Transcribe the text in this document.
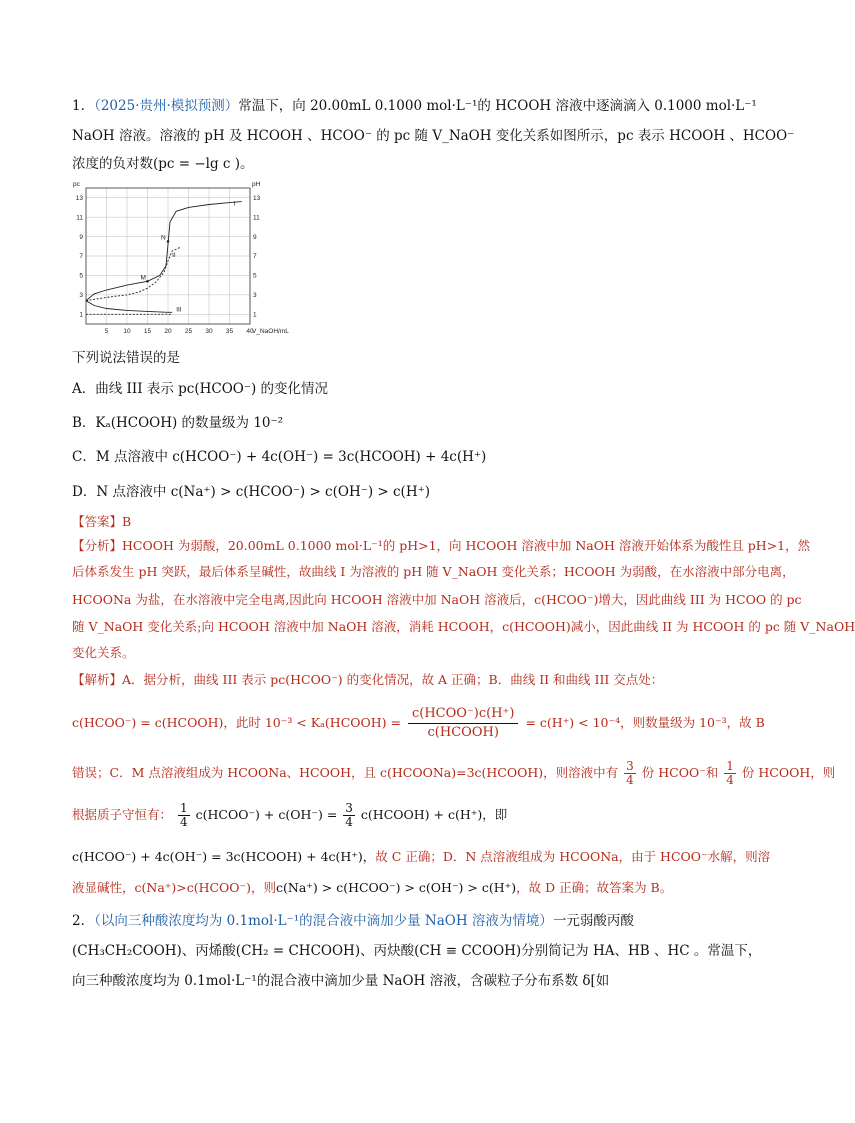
1．（2025·贵州·模拟预测）常温下，向 20.00mL 0.1000 mol·L⁻¹的 HCOOH 溶液中逐滴滴入 0.1000 mol·L⁻¹
NaOH 溶液。溶液的 pH 及 HCOOH 、HCOO⁻ 的 pc 随 V_NaOH 变化关系如图所示，pc 表示 HCOOH 、HCOO⁻
浓度的负对数(pc = −lg c )。
5 10 15 20 25 30 35 40
1	1
3	3
5	5
7	7
9	9
11	11
13	13
pc	pH
V_NaOH/mL
M
N
I
II
III
下列说法错误的是
A．曲线 III 表示 pc(HCOO⁻) 的变化情况
B．Kₐ(HCOOH) 的数量级为 10⁻²
C．M 点溶液中 c(HCOO⁻) + 4c(OH⁻) = 3c(HCOOH) + 4c(H⁺)
D．N 点溶液中 c(Na⁺) > c(HCOO⁻) > c(OH⁻) > c(H⁺)
【答案】B
【分析】HCOOH 为弱酸，20.00mL 0.1000 mol·L⁻¹的 pH>1，向 HCOOH 溶液中加 NaOH 溶液开始体系为酸性且 pH>1，然
后体系发生 pH 突跃，最后体系呈碱性，故曲线 I 为溶液的 pH 随 V_NaOH 变化关系；HCOOH 为弱酸，在水溶液中部分电离，
HCOONa 为盐，在水溶液中完全电离,因此向 HCOOH 溶液中加 NaOH 溶液后，c(HCOO⁻)增大，因此曲线 III 为 HCOO 的 pc
随 V_NaOH 变化关系;向 HCOOH 溶液中加 NaOH 溶液，消耗 HCOOH，c(HCOOH)减小，因此曲线 II 为 HCOOH 的 pc 随 V_NaOH
变化关系。
【解析】A．据分析，曲线 III 表示 pc(HCOO⁻) 的变化情况，故 A 正确；B．曲线 II 和曲线 III 交点处：
c(HCOO⁻) = c(HCOOH)，此时 10⁻³ < Kₐ(HCOOH) = $\frac{\text{c(HCOO⁻)c(H⁺)}}{\text{c(HCOOH)}} = c(H^+) < 10^{-4}$，则数量级为 10⁻³，故 B
错误；C．M 点溶液组成为 HCOONa、HCOOH，且 c(HCOONa)=3c(HCOOH)，则溶液中有 $\frac{3}{4}$ 份 HCOO⁻和 $\frac{1}{4}$ 份 HCOOH，则
根据质子守恒有： $\frac{1}{4}$ c(HCOO⁻) + $c(OH^-) = \frac{3}{4}$ c(HCOOH) + c(H⁺)，即
c(HCOO⁻) + 4c(OH⁻) = 3c(HCOOH) + 4c(H⁺)，故 C 正确；D．N 点溶液组成为 HCOONa，由于 HCOO⁻水解，则溶
液显碱性，c(Na⁺)>c(HCOO⁻)，则c(Na⁺) > c(HCOO⁻) > c(OH⁻) > c(H⁺)，故 D 正确；故答案为 B。
2．（以向三种酸浓度均为 0.1mol·L⁻¹的混合液中滴加少量 NaOH 溶液为情境）一元弱酸丙酸
(CH₃CH₂COOH)、丙烯酸(CH₂ = CHCOOH)、丙炔酸(CH ≡ CCOOH)分别简记为 HA、HB 、HC 。常温下，
向三种酸浓度均为 0.1mol·L⁻¹的混合液中滴加少量 NaOH 溶液，含碳粒子分布系数 δ[如
